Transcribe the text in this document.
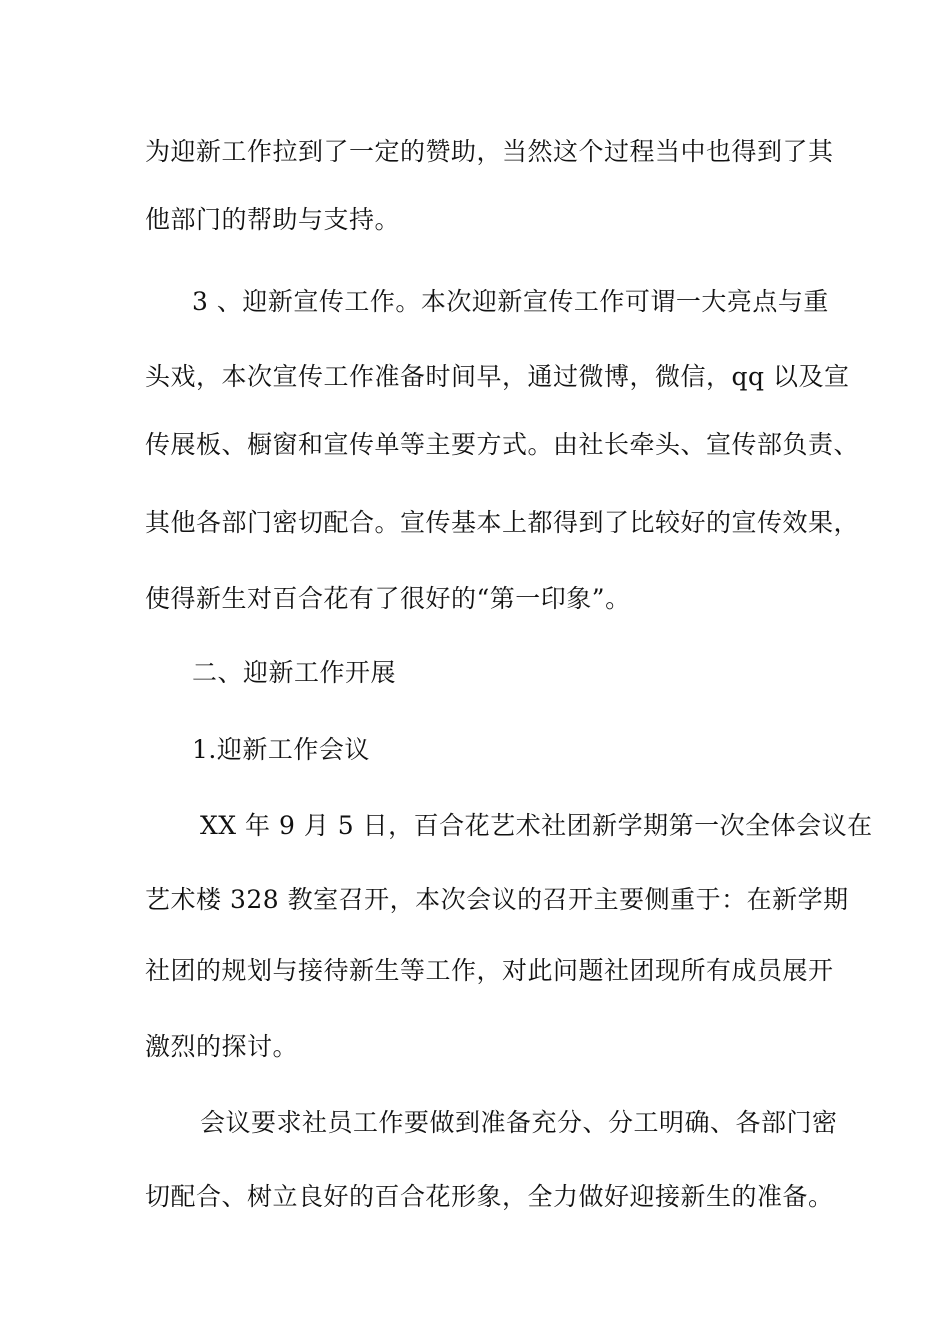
为迎新工作拉到了一定的赞助，当然这个过程当中也得到了其
他部门的帮助与支持。
3 、迎新宣传工作。本次迎新宣传工作可谓一大亮点与重
头戏，本次宣传工作准备时间早，通过微博，微信，qq 以及宣
传展板、橱窗和宣传单等主要方式。由社长牵头、宣传部负责、
其他各部门密切配合。宣传基本上都得到了比较好的宣传效果，
使得新生对百合花有了很好的“第一印象”。
二、迎新工作开展
1.迎新工作会议
XX 年 9 月 5 日，百合花艺术社团新学期第一次全体会议在
艺术楼 328 教室召开，本次会议的召开主要侧重于：在新学期
社团的规划与接待新生等工作，对此问题社团现所有成员展开
激烈的探讨。
会议要求社员工作要做到准备充分、分工明确、各部门密
切配合、树立良好的百合花形象，全力做好迎接新生的准备。
